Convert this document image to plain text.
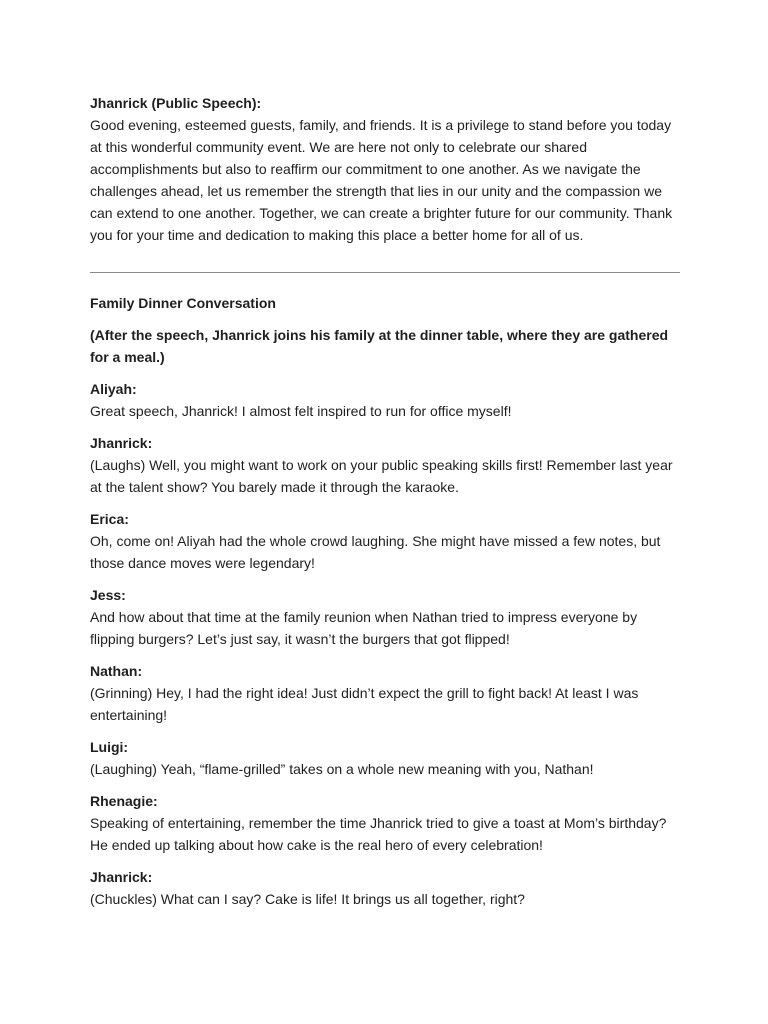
Jhanrick (Public Speech):

Good evening, esteemed guests, family, and friends. It is a privilege to stand before you today at this wonderful community event. We are here not only to celebrate our shared accomplishments but also to reaffirm our commitment to one another. As we navigate the challenges ahead, let us remember the strength that lies in our unity and the compassion we can extend to one another. Together, we can create a brighter future for our community. Thank you for your time and dedication to making this place a better home for all of us.

Family Dinner Conversation

(After the speech, Jhanrick joins his family at the dinner table, where they are gathered for a meal.)

Aliyah:

Great speech, Jhanrick! I almost felt inspired to run for office myself!

Jhanrick:

(Laughs) Well, you might want to work on your public speaking skills first! Remember last year at the talent show? You barely made it through the karaoke.

Erica:

Oh, come on! Aliyah had the whole crowd laughing. She might have missed a few notes, but those dance moves were legendary!

Jess:

And how about that time at the family reunion when Nathan tried to impress everyone by flipping burgers? Let’s just say, it wasn’t the burgers that got flipped!

Nathan:

(Grinning) Hey, I had the right idea! Just didn’t expect the grill to fight back! At least I was entertaining!

Luigi:

(Laughing) Yeah, “flame-grilled” takes on a whole new meaning with you, Nathan!

Rhenagie:

Speaking of entertaining, remember the time Jhanrick tried to give a toast at Mom’s birthday? He ended up talking about how cake is the real hero of every celebration!

Jhanrick:

(Chuckles) What can I say? Cake is life! It brings us all together, right?
